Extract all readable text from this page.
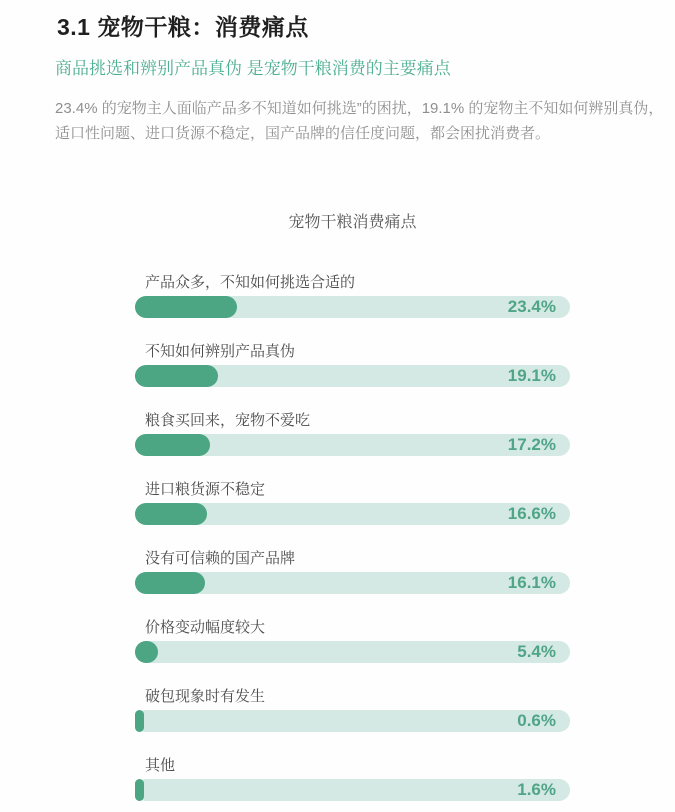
3.1 宠物干粮：消费痛点
商品挑选和辨别产品真伪 是宠物干粮消费的主要痛点

23.4% 的宠物主人面临产品多不知道如何挑选”的困扰，19.1% 的宠物主不知如何辨别真伪，
适口性问题、进口货源不稳定，国产品牌的信任度问题，都会困扰消费者。

宠物干粮消费痛点
产品众多，不知如何挑选合适的
23.4%
不知如何辨别产品真伪
19.1%
粮食买回来，宠物不爱吃
17.2%
进口粮货源不稳定
16.6%
没有可信赖的国产品牌
16.1%
价格变动幅度较大
5.4%
破包现象时有发生
0.6%
其他
1.6%
